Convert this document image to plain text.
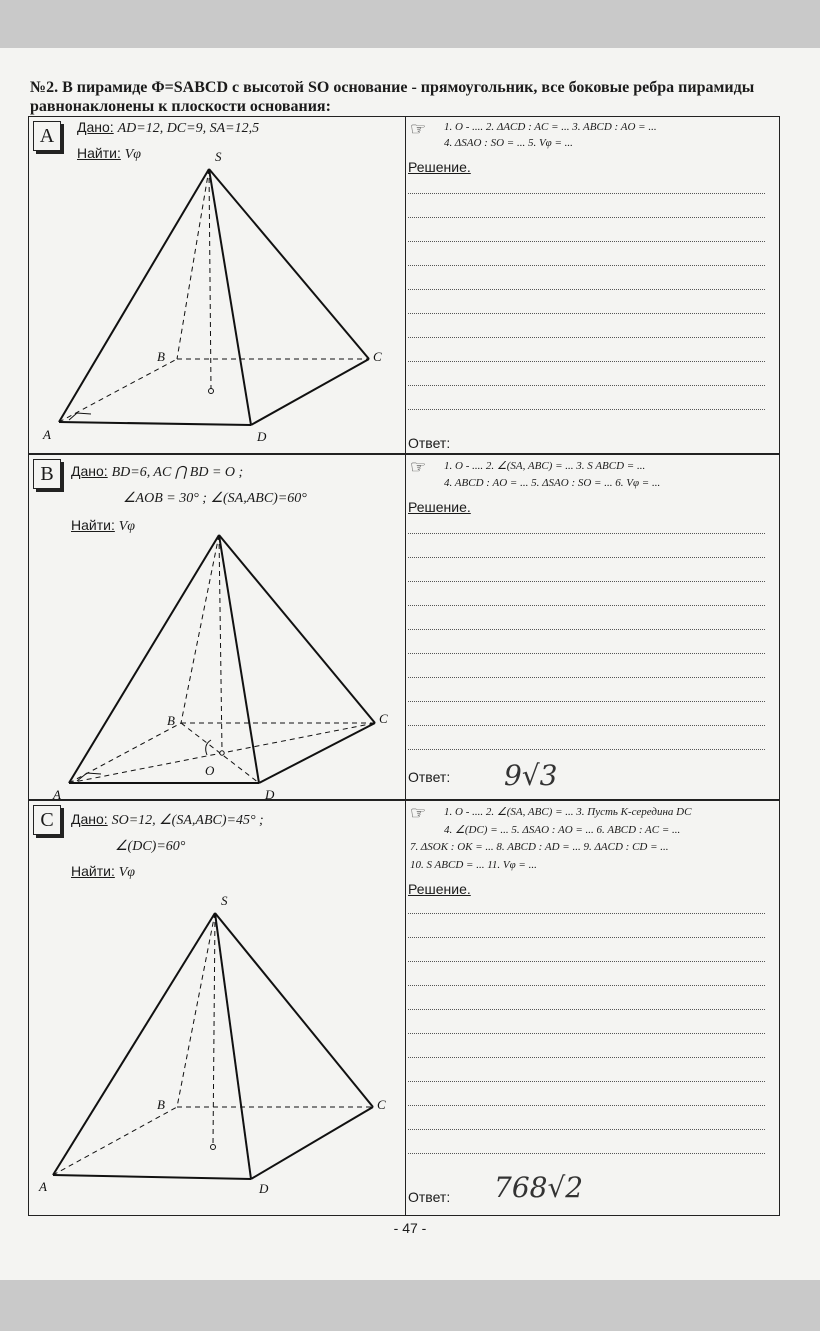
№2. В пирамиде Φ=SABCD с высотой SO основание - прямоугольник, все боковые ребра пирамиды равнонаклонены к плоскости основания:
A	Дано: AD=12, DC=9, SA=12,5
Найти: Vφ	S
A
B	C
D
☞ 1. O - .... 2. ΔACD : AC = ... 3. ABCD : AO = ...
4. ΔSAO : SO = ... 5. Vφ = ...
Решение.
Ответ:
B	Дано: BD=6, AC ⋂ BD = O ;
∠AOB = 30° ; ∠(SA,ABC)=60°
Найти: Vφ
O
A
B	C
D
☞ 1. O - .... 2. ∠(SA, ABC) = ... 3. S ABCD = ...
4. ABCD : AO = ... 5. ΔSAO : SO = ... 6. Vφ = ...
Решение.
Ответ: 9√3
C	Дано: SO=12, ∠(SA,ABC)=45° ;
∠(DC)=60°
Найти: Vφ
S
A
B	C
D
☞ 1. O - .... 2. ∠(SA, ABC) = ... 3. Пусть K-середина DC
4. ∠(DC) = ... 5. ΔSAO : AO = ... 6. ABCD : AC = ...
7. ΔSOK : OK = ... 8. ABCD : AD = ... 9. ΔACD : CD = ...
10. S ABCD = ... 11. Vφ = ...
Решение.
Ответ: 768√2
- 47 -
